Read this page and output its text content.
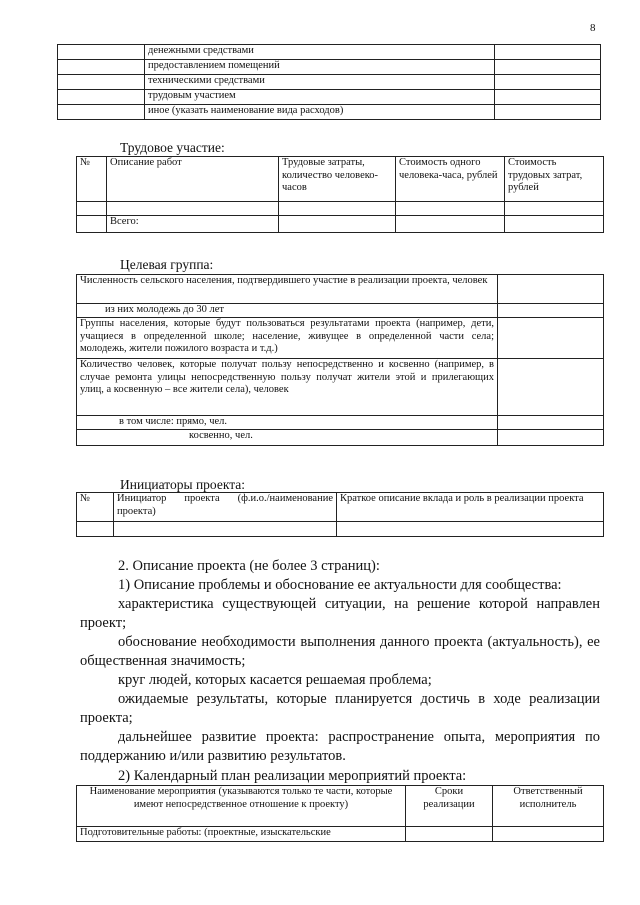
8
	денежными средствами	
	предоставлением помещений	
	техническими средствами	
	трудовым участием	
	иное (указать наименование вида расходов)	
Трудовое участие:
№	Описание работ	Трудовые затраты, количество человеко-часов	Стоимость одного человека-часа, рублей	Стоимость трудовых затрат, рублей

	Всего:			
Целевая группа:
Численность сельского населения, подтвердившего участие в реализации проекта, человек	
из них молодежь до 30 лет	
Группы населения, которые будут пользоваться результатами проекта (например, дети, учащиеся в определенной школе; население, живущее в определенной части села; молодежь, жители пожилого возраста и т.д.)	
Количество человек, которые получат пользу непосредственно и косвенно (например, в случае ремонта улицы непосредственную пользу получат жители этой и прилегающих улиц, а косвенную – все жители села), человек	
в том числе: прямо, чел.	
косвенно, чел.	
Инициаторы проекта:
№	Инициатор проекта (ф.и.о./наименование проекта)	Краткое описание вклада и роль в реализации проекта

2. Описание проекта (не более 3 страниц):

1) Описание проблемы и обоснование ее актуальности для сообщества:

характеристика существующей ситуации, на решение которой направлен проект;

обоснование необходимости выполнения данного проекта (актуальность), ее общественная значимость;

круг людей, которых касается решаемая проблема;

ожидаемые результаты, которые планируется достичь в ходе реализации проекта;

дальнейшее развитие проекта: распространение опыта, мероприятия по поддержанию и/или развитию результатов.

2) Календарный план реализации мероприятий проекта:
Наименование мероприятия (указываются только те части, которые имеют непосредственное отношение к проекту)	Сроки реализации	Ответственный исполнитель
Подготовительные работы: (проектные, изыскательские		
